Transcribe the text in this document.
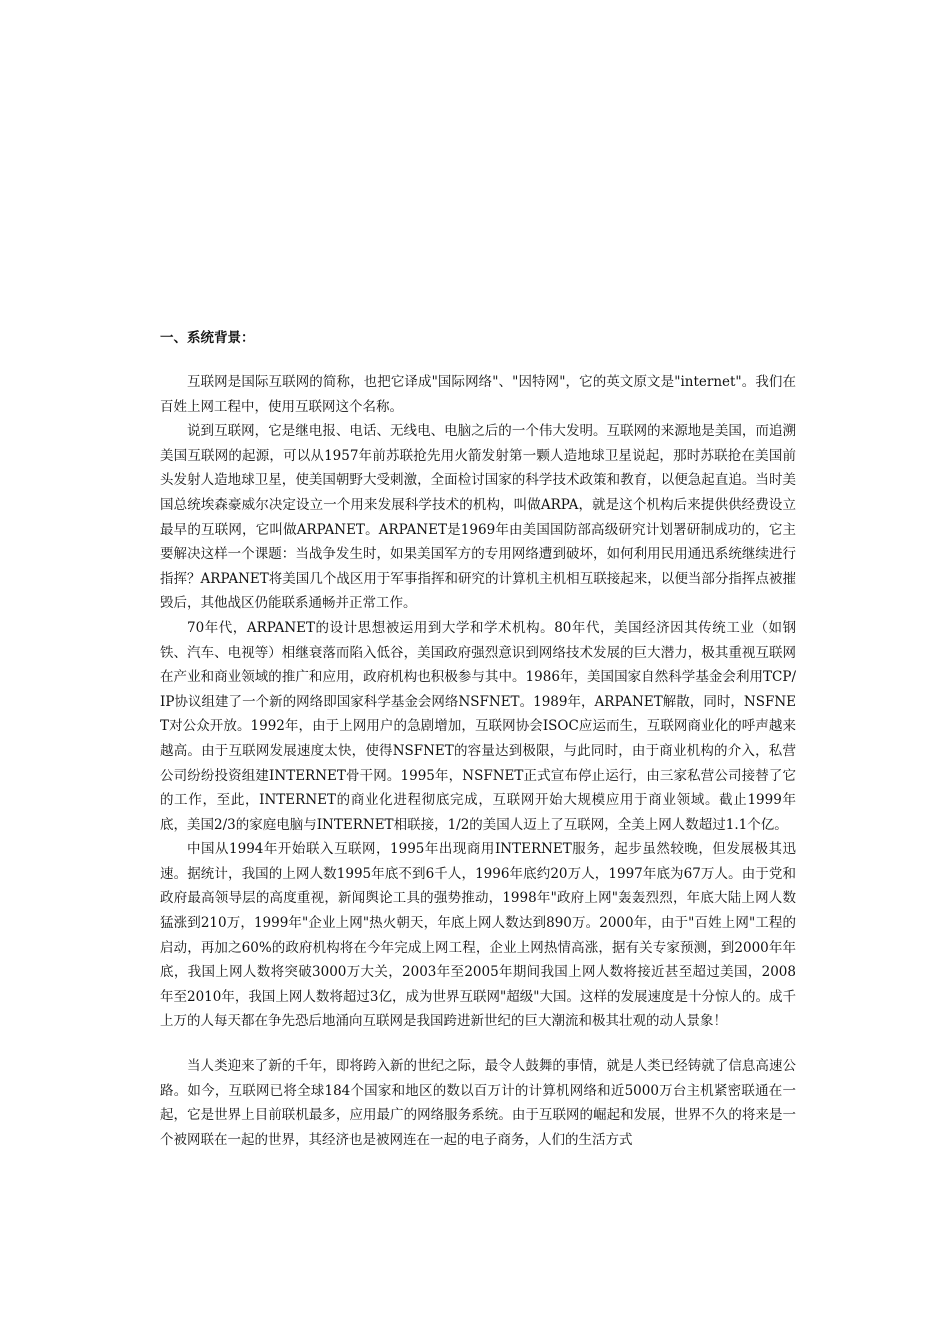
一、系统背景：

互联网是国际互联网的简称，也把它译成"国际网络"、"因特网"，它的英文原文是"internet"。我们在百姓上网工程中，使用互联网这个名称。

说到互联网，它是继电报、电话、无线电、电脑之后的一个伟大发明。互联网的来源地是美国，而追溯美国互联网的起源，可以从1957年前苏联抢先用火箭发射第一颗人造地球卫星说起，那时苏联抢在美国前头发射人造地球卫星，使美国朝野大受刺激，全面检讨国家的科学技术政策和教育，以便急起直追。当时美国总统埃森豪威尔决定设立一个用来发展科学技术的机构，叫做ARPA，就是这个机构后来提供供经费设立最早的互联网，它叫做ARPANET。ARPANET是1969年由美国国防部高级研究计划署研制成功的，它主要解决这样一个课题：当战争发生时，如果美国军方的专用网络遭到破坏，如何利用民用通迅系统继续进行指挥？ARPANET将美国几个战区用于军事指挥和研究的计算机主机相互联接起来，以便当部分指挥点被摧毁后，其他战区仍能联系通畅并正常工作。

70年代，ARPANET的设计思想被运用到大学和学术机构。80年代，美国经济因其传统工业（如钢铁、汽车、电视等）相继衰落而陷入低谷，美国政府强烈意识到网络技术发展的巨大潜力，极其重视互联网在产业和商业领域的推广和应用，政府机构也积极参与其中。1986年，美国国家自然科学基金会利用TCP/IP协议组建了一个新的网络即国家科学基金会网络NSFNET。1989年，ARPANET解散，同时，NSFNET对公众开放。1992年，由于上网用户的急剧增加，互联网协会ISOC应运而生，互联网商业化的呼声越来越高。由于互联网发展速度太快，使得NSFNET的容量达到极限，与此同时，由于商业机构的介入，私营公司纷纷投资组建INTERNET骨干网。1995年，NSFNET正式宣布停止运行，由三家私营公司接替了它的工作，至此，INTERNET的商业化进程彻底完成，互联网开始大规模应用于商业领域。截止1999年底，美国2/3的家庭电脑与INTERNET相联接，1/2的美国人迈上了互联网，全美上网人数超过1.1个亿。

中国从1994年开始联入互联网，1995年出现商用INTERNET服务，起步虽然较晚，但发展极其迅速。据统计，我国的上网人数1995年底不到6千人，1996年底约20万人，1997年底为67万人。由于党和政府最高领导层的高度重视，新闻舆论工具的强势推动，1998年"政府上网"轰轰烈烈，年底大陆上网人数猛涨到210万，1999年"企业上网"热火朝天，年底上网人数达到890万。2000年，由于"百姓上网"工程的启动，再加之60%的政府机构将在今年完成上网工程，企业上网热情高涨，据有关专家预测，到2000年年底，我国上网人数将突破3000万大关，2003年至2005年期间我国上网人数将接近甚至超过美国，2008年至2010年，我国上网人数将超过3亿，成为世界互联网"超级"大国。这样的发展速度是十分惊人的。成千上万的人每天都在争先恐后地涌向互联网是我国跨进新世纪的巨大潮流和极其壮观的动人景象！

当人类迎来了新的千年，即将跨入新的世纪之际，最令人鼓舞的事情，就是人类已经铸就了信息高速公路。如今，互联网已将全球184个国家和地区的数以百万计的计算机网络和近5000万台主机紧密联通在一起，它是世界上目前联机最多，应用最广的网络服务系统。由于互联网的崛起和发展，世界不久的将来是一个被网联在一起的世界，其经济也是被网连在一起的电子商务，人们的生活方式
